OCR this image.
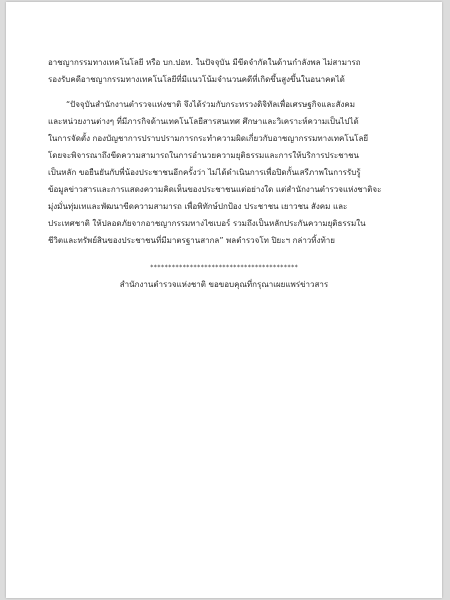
อาชญากรรมทางเทคโนโลยี หรือ บก.ปอท. ในปัจจุบัน มีขีดจำกัดในด้านกำลังพล ไม่สามารถ
รองรับคดีอาชญากรรมทางเทคโนโลยีที่มีแนวโน้มจำนวนคดีที่เกิดขึ้นสูงขึ้นในอนาคตได้
“ปัจจุบันสำนักงานตำรวจแห่งชาติ จึงได้ร่วมกับกระทรวงดิจิทัลเพื่อเศรษฐกิจและสังคม
และหน่วยงานต่างๆ ที่มีภารกิจด้านเทคโนโลยีสารสนเทศ ศึกษาและวิเคราะห์ความเป็นไปได้
ในการจัดตั้ง กองบัญชาการปราบปรามการกระทำความผิดเกี่ยวกับอาชญากรรมทางเทคโนโลยี
โดยจะพิจารณาถึงขีดความสามารถในการอำนวยความยุติธรรมและการให้บริการประชาชน
เป็นหลัก ขอยืนยันกับพี่น้องประชาชนอีกครั้งว่า ไม่ได้ดำเนินการเพื่อปิดกั้นเสรีภาพในการรับรู้
ข้อมูลข่าวสารและการแสดงความคิดเห็นของประชาชนแต่อย่างใด แต่สำนักงานตำรวจแห่งชาติจะ
มุ่งมั่นทุ่มเทและพัฒนาขีดความสามารถ เพื่อพิทักษ์ปกป้อง ประชาชน เยาวชน สังคม และ
ประเทศชาติ ให้ปลอดภัยจากอาชญากรรมทางไซเบอร์ รวมถึงเป็นหลักประกันความยุติธรรมใน
ชีวิตและทรัพย์สินของประชาชนที่มีมาตรฐานสากล” พลตำรวจโท ปิยะฯ กล่าวทิ้งท้าย
*****************************************
สำนักงานตำรวจแห่งชาติ ขอขอบคุณที่กรุณาเผยแพร่ข่าวสาร
